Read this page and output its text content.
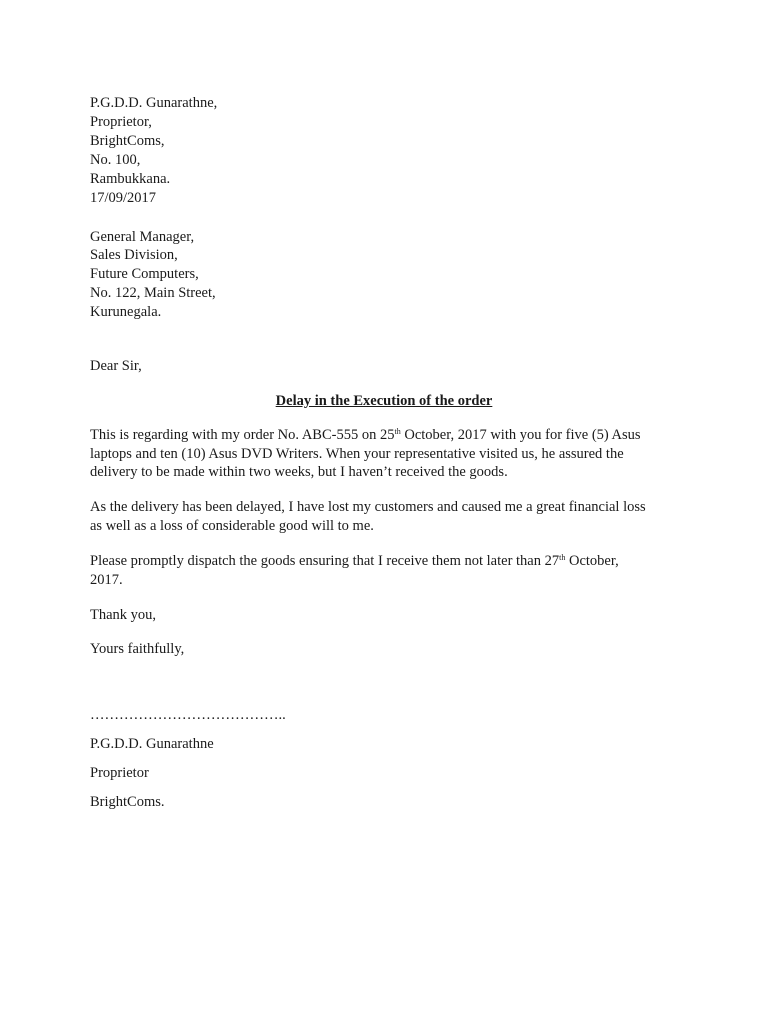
P.G.D.D. Gunarathne,
Proprietor,
BrightComs,
No. 100,
Rambukkana.
17/09/2017
General Manager,
Sales Division,
Future Computers,
No. 122, Main Street,
Kurunegala.
Dear Sir,
Delay in the Execution of the order

This is regarding with my order No. ABC-555 on 25th October, 2017 with you for five (5) Asus

laptops and ten (10) Asus DVD Writers. When your representative visited us, he assured the

delivery to be made within two weeks, but I haven’t received the goods.

As the delivery has been delayed, I have lost my customers and caused me a great financial loss

as well as a loss of considerable good will to me.

Please promptly dispatch the goods ensuring that I receive them not later than 27th October,

2017.

Thank you,
Yours faithfully,
…………………………………..
P.G.D.D. Gunarathne
Proprietor
BrightComs.
